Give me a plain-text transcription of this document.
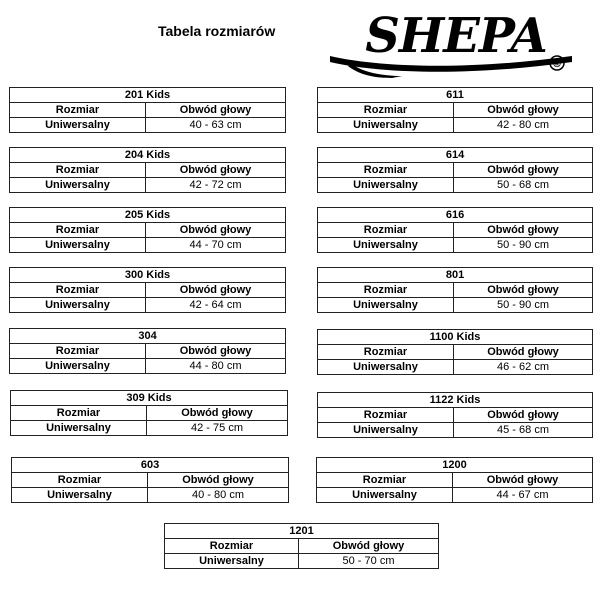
Tabela rozmiarów SHEPA
®
201 Kids	
Rozmiar	Obwód głowy
Uniwersalny	40 - 63 cm
204 Kids	
Rozmiar	Obwód głowy
Uniwersalny	42 - 72 cm
205 Kids	
Rozmiar	Obwód głowy
Uniwersalny	44 - 70 cm
300 Kids	
Rozmiar	Obwód głowy
Uniwersalny	42 - 64 cm
304	
Rozmiar	Obwód głowy
Uniwersalny	44 - 80 cm
309 Kids	
Rozmiar	Obwód głowy
Uniwersalny	42 - 75 cm
603	
Rozmiar	Obwód głowy
Uniwersalny	40 - 80 cm
611	
Rozmiar	Obwód głowy
Uniwersalny	42 - 80 cm
614	
Rozmiar	Obwód głowy
Uniwersalny	50 - 68 cm
616	
Rozmiar	Obwód głowy
Uniwersalny	50 - 90 cm
801	
Rozmiar	Obwód głowy
Uniwersalny	50 - 90 cm
1100 Kids	
Rozmiar	Obwód głowy
Uniwersalny	46 - 62 cm
1122 Kids	
Rozmiar	Obwód głowy
Uniwersalny	45 - 68 cm
1200	
Rozmiar	Obwód głowy
Uniwersalny	44 - 67 cm
1201	
Rozmiar	Obwód głowy
Uniwersalny	50 - 70 cm
